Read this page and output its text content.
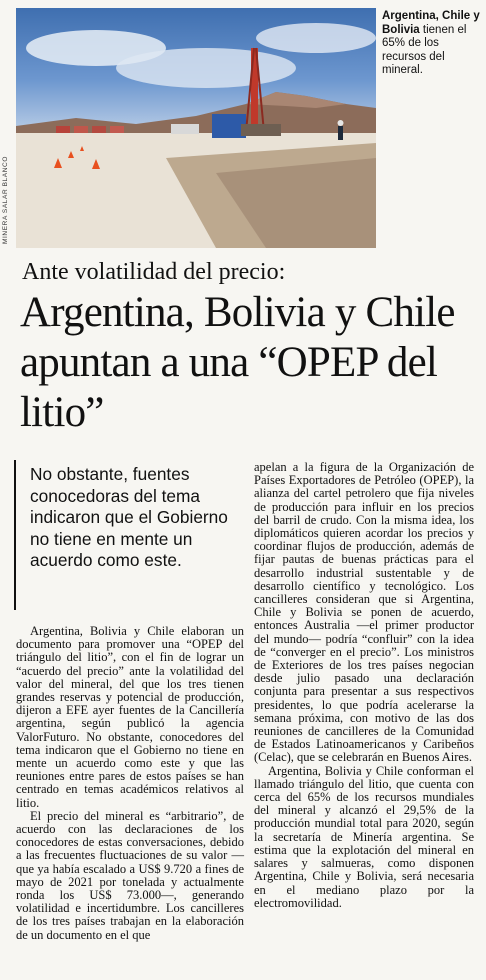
MINERA SALAR BLANCO
Argentina, Chile y Bolivia tienen el 65% de los recursos del mineral.
Ante volatilidad del precio:
Argentina, Bolivia y Chile apuntan a una “OPEP del litio”
No obstante, fuentes conocedoras del tema indicaron que el Gobierno no tiene en mente un acuerdo como este.

Argentina, Bolivia y Chile elaboran un documento para promover una “OPEP del triángulo del litio”, con el fin de lograr un “acuerdo del precio” ante la volatilidad del valor del mineral, del que los tres tienen grandes reservas y potencial de producción, dijeron a EFE ayer fuentes de la Cancillería argentina, según publicó la agencia ValorFuturo. No obstante, conocedores del tema indicaron que el Gobierno no tiene en mente un acuerdo como este y que las reuniones entre pares de estos países se han centrado en temas académicos relativos al litio.

El precio del mineral es “arbitrario”, de acuerdo con las declaraciones de los conocedores de estas conversaciones, debido a las frecuentes fluctuaciones de su valor —que ya había escalado a US$ 9.720 a fines de mayo de 2021 por tonelada y actualmente ronda los US$ 73.000—, generando volatilidad e incertidumbre. Los cancilleres de los tres países trabajan en la elaboración de un documento en el que

apelan a la figura de la Organización de Países Exportadores de Petróleo (OPEP), la alianza del cartel petrolero que fija niveles de producción para influir en los precios del barril de crudo. Con la misma idea, los diplomáticos quieren acordar los precios y coordinar flujos de producción, además de fijar pautas de buenas prácticas para el desarrollo industrial sustentable y de desarrollo científico y tecnológico. Los cancilleres consideran que si Argentina, Chile y Bolivia se ponen de acuerdo, entonces Australia —el primer productor del mundo— podría “confluir” con la idea de “converger en el precio”. Los ministros de Exteriores de los tres países negocian desde julio pasado una declaración conjunta para presentar a sus respectivos presidentes, lo que podría acelerarse la semana próxima, con motivo de las dos reuniones de cancilleres de la Comunidad de Estados Latinoamericanos y Caribeños (Celac), que se celebrarán en Buenos Aires.

Argentina, Bolivia y Chile conforman el llamado triángulo del litio, que cuenta con cerca del 65% de los recursos mundiales del mineral y alcanzó el 29,5% de la producción mundial total para 2020, según la secretaría de Minería argentina. Se estima que la explotación del mineral en salares y salmueras, como disponen Argentina, Chile y Bolivia, será necesaria en el mediano plazo por la electromovilidad.
